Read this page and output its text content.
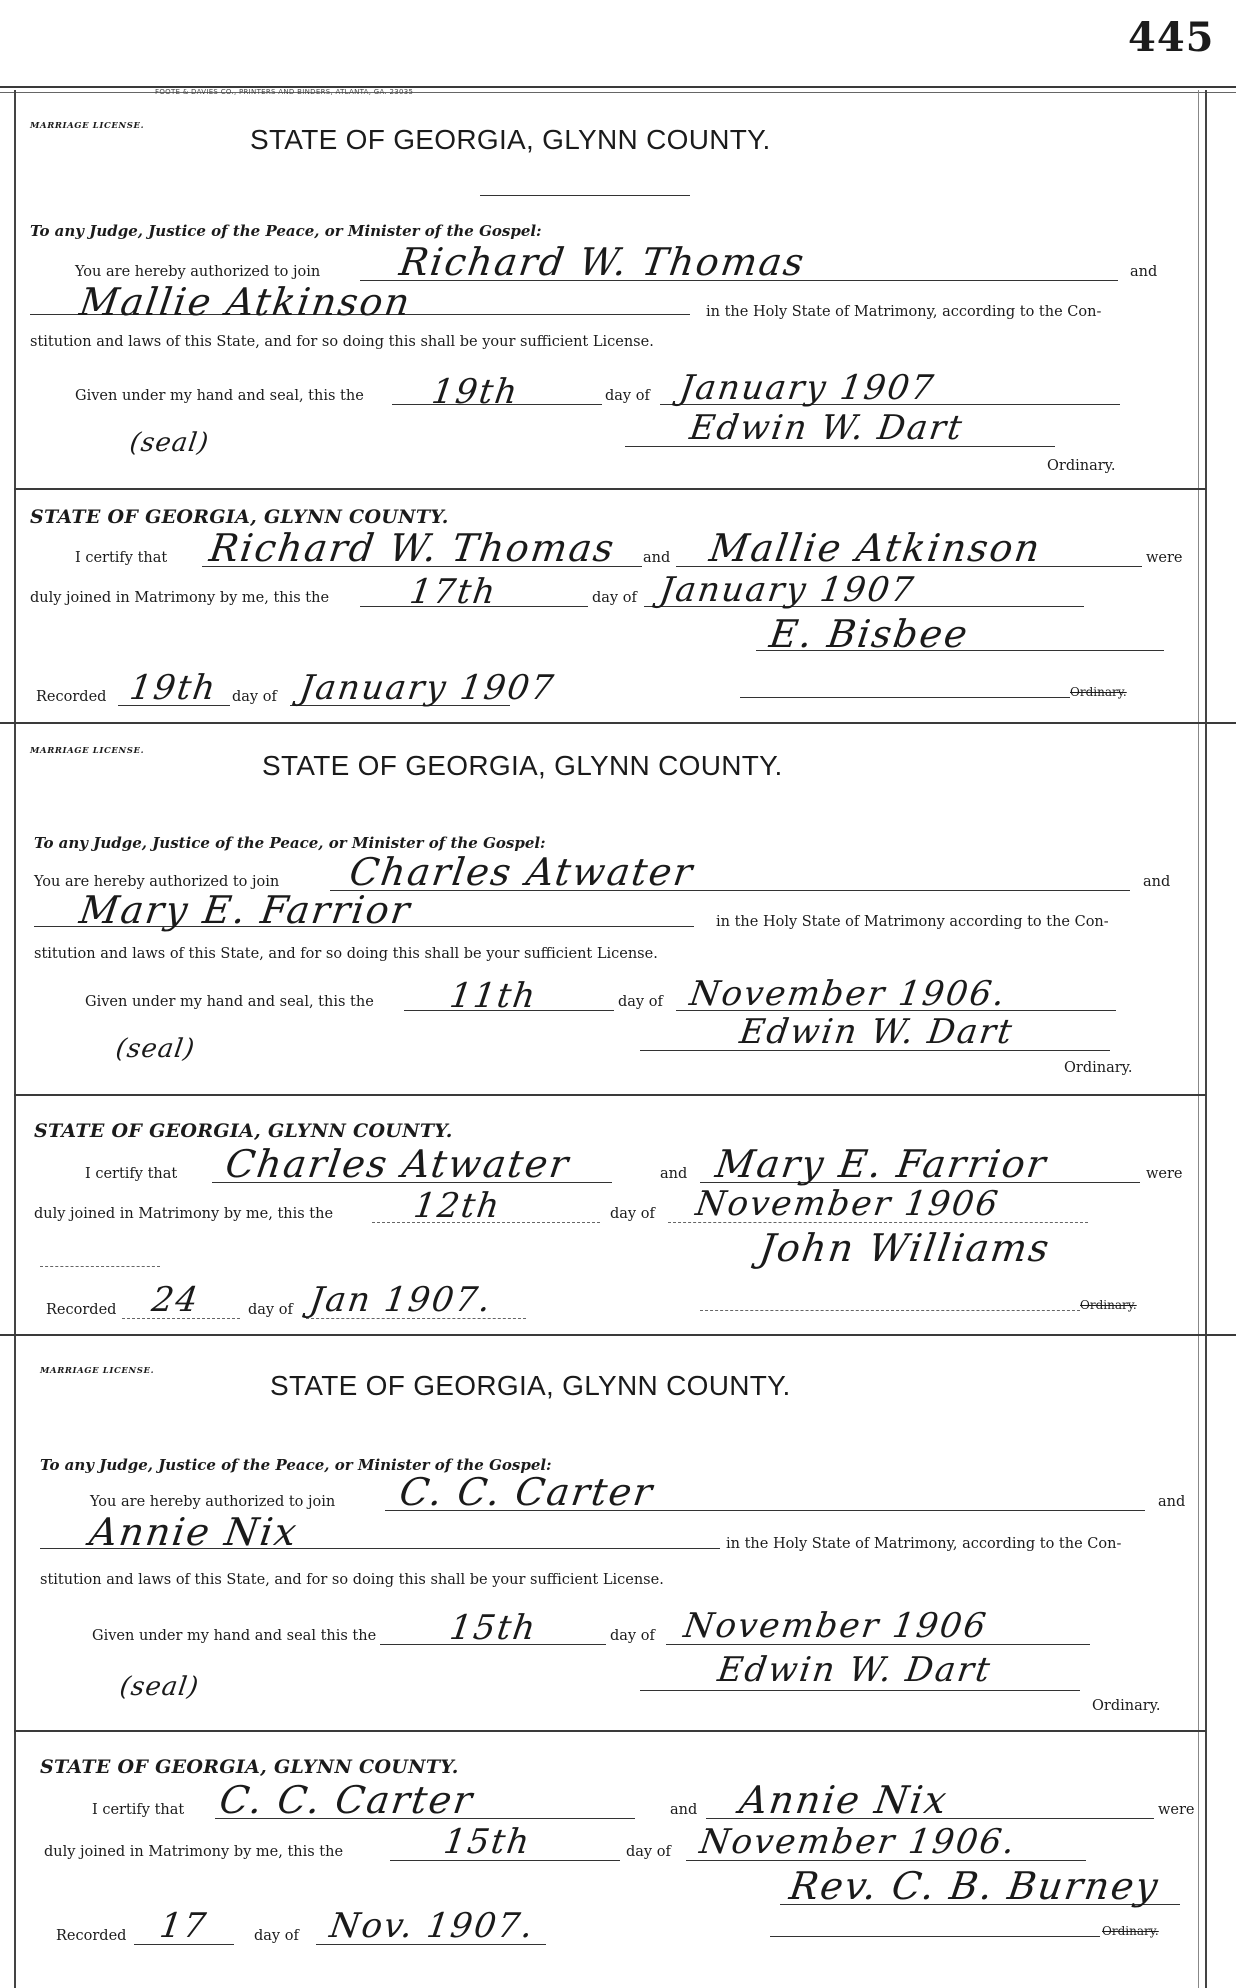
445
FOOTE & DAVIES CO., PRINTERS AND BINDERS, ATLANTA, GA. 23035
MARRIAGE LICENSE.	STATE OF GEORGIA, GLYNN COUNTY.
To any Judge, Justice of the Peace, or Minister of the Gospel:
You are hereby authorized to join Richard W. Thomas	and
Mallie Atkinson	in the Holy State of Matrimony, according to the Con-
stitution and laws of this State, and for so doing this shall be your sufficient License.
Given under my hand and seal, this the 19th	day of January 1907
(seal)	Edwin W. Dart
Ordinary.
STATE OF GEORGIA, GLYNN COUNTY.
I certify that Richard W. Thomas and Mallie Atkinson	were
duly joined in Matrimony by me, this the 17th	day of January 1907
E. Bisbee
Recorded 19th day of January 1907	Ordinary.
MARRIAGE LICENSE.	STATE OF GEORGIA, GLYNN COUNTY.
To any Judge, Justice of the Peace, or Minister of the Gospel:
You are hereby authorized to join Charles Atwater	and
Mary E. Farrior	in the Holy State of Matrimony according to the Con-
stitution and laws of this State, and for so doing this shall be your sufficient License.
Given under my hand and seal, this the 11th	day of November 1906.
(seal)	Edwin W. Dart
Ordinary.
STATE OF GEORGIA, GLYNN COUNTY.
I certify that Charles Atwater	and Mary E. Farrior	were
duly joined in Matrimony by me, this the 12th	day of November 1906
John Williams
Recorded 24	day of Jan 1907.	Ordinary.
MARRIAGE LICENSE.	STATE OF GEORGIA, GLYNN COUNTY.
To any Judge, Justice of the Peace, or Minister of the Gospel:
You are hereby authorized to join C. C. Carter	and
Annie Nix	in the Holy State of Matrimony, according to the Con-
stitution and laws of this State, and for so doing this shall be your sufficient License.
Given under my hand and seal this the 15th	day of November 1906
(seal)	Edwin W. Dart
Ordinary.
STATE OF GEORGIA, GLYNN COUNTY.
I certify that C. C. Carter	and Annie Nix	were
duly joined in Matrimony by me, this the	15th	day of November 1906.
Rev. C. B. Burney
Recorded 17	day of Nov. 1907.	Ordinary.
